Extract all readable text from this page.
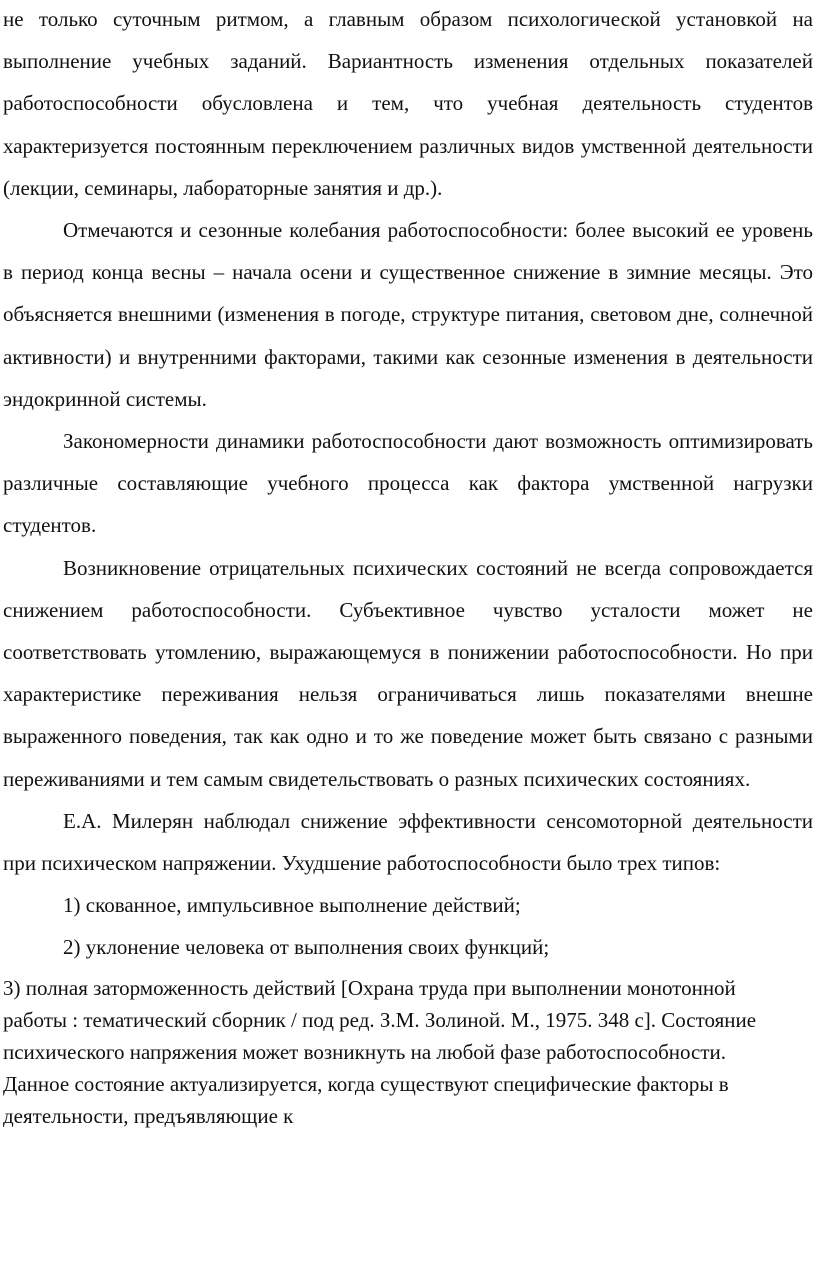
не только суточным ритмом, а главным образом психологической установкой на выполнение учебных заданий. Вариантность изменения отдельных показателей работоспособности обусловлена и тем, что учебная деятельность студентов характеризуется постоянным переключением различных видов умственной деятельности (лекции, семинары, лабораторные занятия и др.).

Отмечаются и сезонные колебания работоспособности: более высокий ее уровень в период конца весны – начала осени и существенное снижение в зимние месяцы. Это объясняется внешними (изменения в погоде, структуре питания, световом дне, солнечной активности) и внутренними факторами, такими как сезонные изменения в деятельности эндокринной системы.

Закономерности динамики работоспособности дают возможность оптимизировать различные составляющие учебного процесса как фактора умственной нагрузки студентов.

Возникновение отрицательных психических состояний не всегда сопровождается снижением работоспособности. Субъективное чувство усталости может не соответствовать утомлению, выражающемуся в понижении работоспособности. Но при характеристике переживания нельзя ограничиваться лишь показателями внешне выраженного поведения, так как одно и то же поведение может быть связано с разными переживаниями и тем самым свидетельствовать о разных психических состояниях.

Е.А. Милерян наблюдал снижение эффективности сенсомоторной деятельности при психическом напряжении. Ухудшение работоспособности было трех типов:

1) скованное, импульсивное выполнение действий;

2) уклонение человека от выполнения своих функций;

3) полная заторможенность действий [Охрана труда при выполнении монотонной работы : тематический сборник / под ред. З.М. Золиной. М., 1975. 348 с]. Состояние психического напряжения может возникнуть на любой фазе работоспособности. Данное состояние актуализируется, когда существуют специфические факторы в деятельности, предъявляющие к
